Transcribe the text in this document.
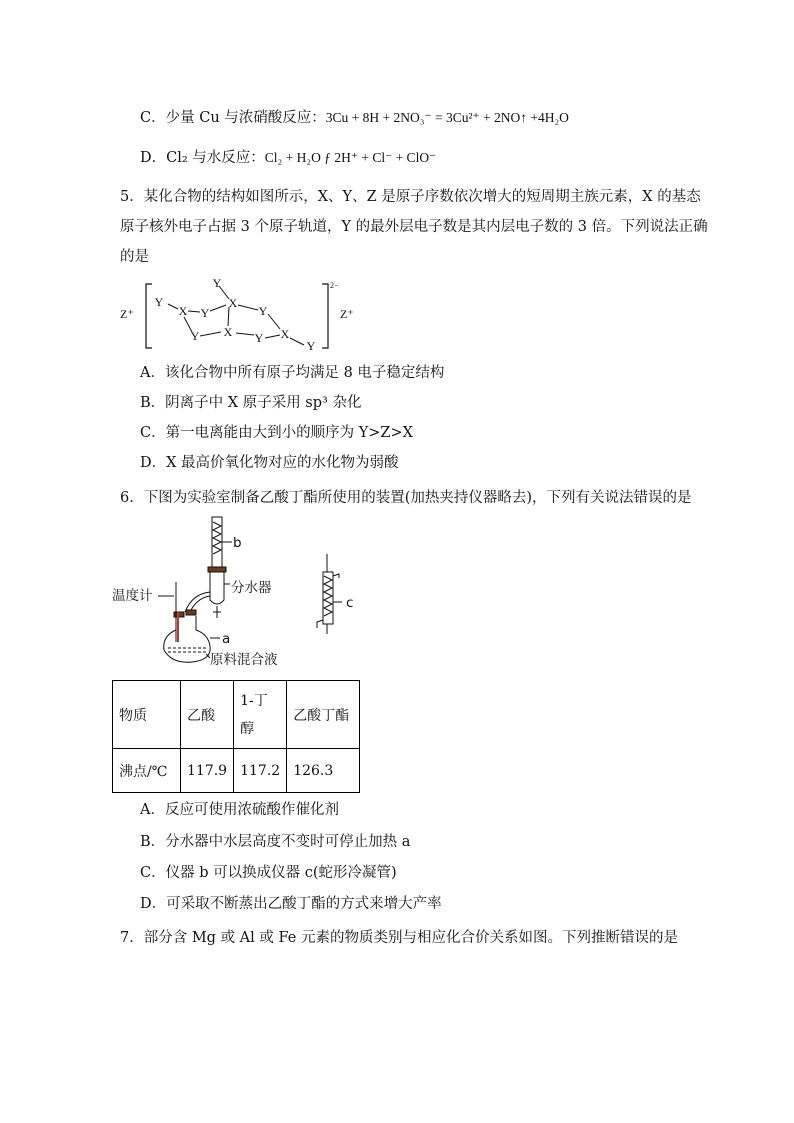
C．少量 Cu 与浓硝酸反应：3Cu + 8H + 2NO₃⁻ = 3Cu²⁺ + 2NO↑ +4H₂O
D．Cl₂ 与水反应：Cl₂ + H₂O ƒ 2H⁺ + Cl⁻ + ClO⁻
5．某化合物的结构如图所示，X、Y、Z 是原子序数依次增大的短周期主族元素，X 的基态
原子核外电子占据 3 个原子轨道，Y 的最外层电子数是其内层电子数的 3 倍。下列说法正确
的是
Z⁺	Z⁺
2−
Y
X Y
Y
X
Y X
Y
X
Y
Y
A．该化合物中所有原子均满足 8 电子稳定结构
B．阴离子中 X 原子采用 sp³ 杂化
C．第一电离能由大到小的顺序为 Y>Z>X
D．X 最高价氧化物对应的水化物为弱酸
6．下图为实验室制备乙酸丁酯所使用的装置(加热夹持仪器略去)，下列有关说法错误的是
b
分水器
温度计
a
原料混合液
c
物质	乙酸	1-丁醇	乙酸丁酯
沸点/℃	117.9	117.2	126.3
A．反应可使用浓硫酸作催化剂
B．分水器中水层高度不变时可停止加热 a
C．仪器 b 可以换成仪器 c(蛇形冷凝管)
D．可采取不断蒸出乙酸丁酯的方式来增大产率
7．部分含 Mg 或 Al 或 Fe 元素的物质类别与相应化合价关系如图。下列推断错误的是
